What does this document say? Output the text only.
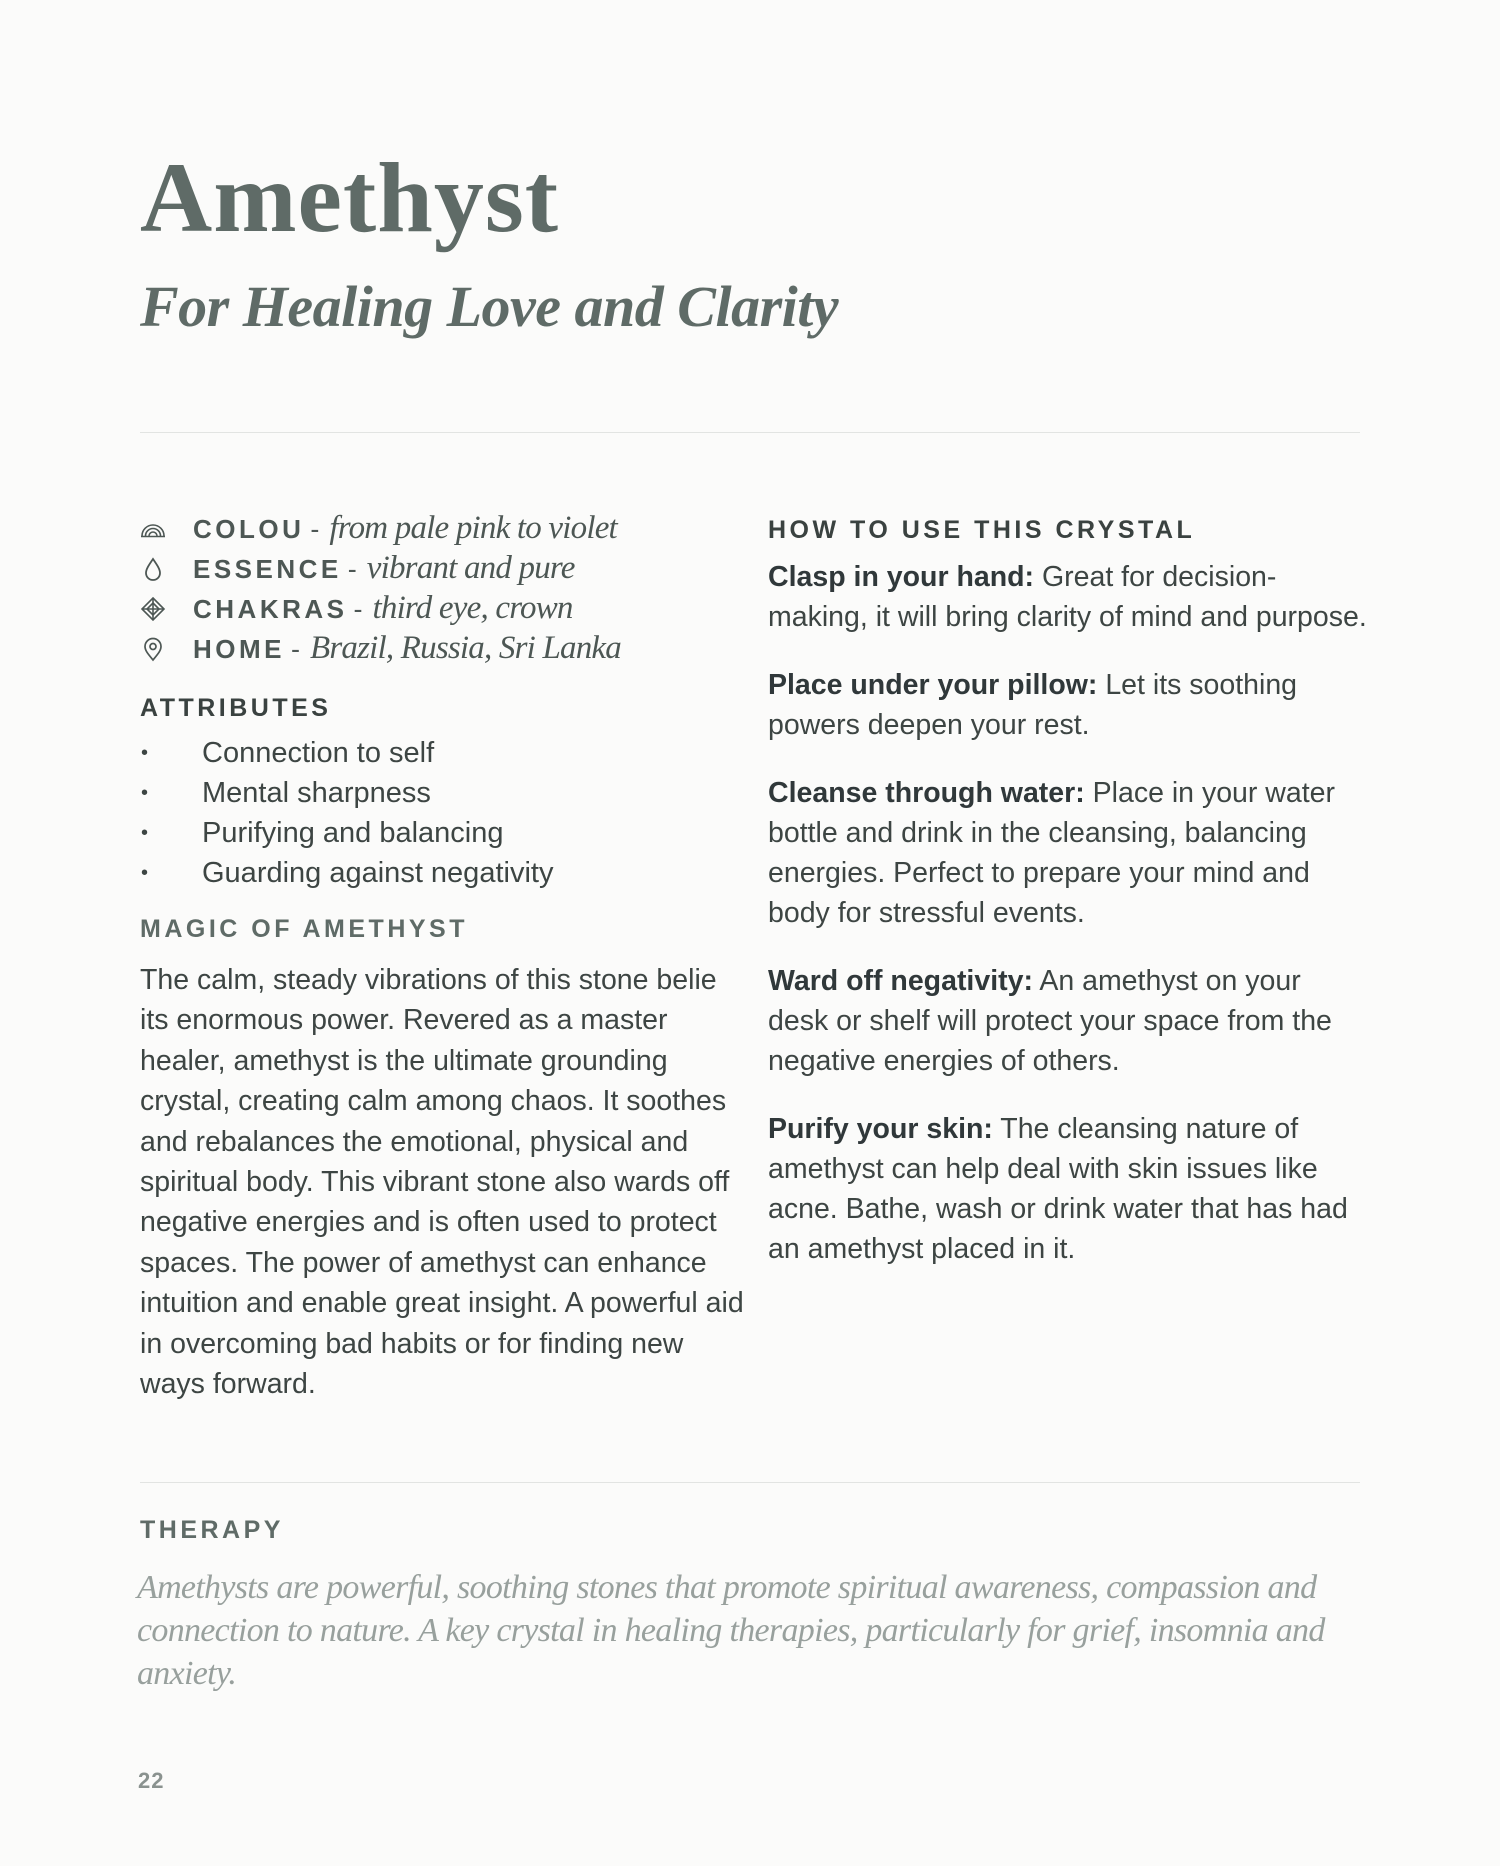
Amethyst
For Healing Love and Clarity
COLOU - from pale pink to violet
ESSENCE - vibrant and pure
CHAKRAS - third eye, crown
HOME - Brazil, Russia, Sri Lanka
ATTRIBUTES
• Connection to self
• Mental sharpness
• Purifying and balancing
• Guarding against negativity
MAGIC OF AMETHYST

The calm, steady vibrations of this stone belie its enormous power. Revered as a master healer, amethyst is the ultimate grounding crystal, creating calm among chaos. It soothes and rebalances the emotional, physical and spiritual body. This vibrant stone also wards off negative energies and is often used to protect spaces. The power of amethyst can enhance intuition and enable great insight. A powerful aid in overcoming bad habits or for finding new ways forward.

HOW TO USE THIS CRYSTAL

Clasp in your hand: Great for decision-making, it will bring clarity of mind and purpose.

Place under your pillow: Let its soothing powers deepen your rest.

Cleanse through water: Place in your water bottle and drink in the cleansing, balancing energies. Perfect to prepare your mind and body for stressful events.

Ward off negativity: An amethyst on your desk or shelf will protect your space from the negative energies of others.

Purify your skin: The cleansing nature of amethyst can help deal with skin issues like acne. Bathe, wash or drink water that has had an amethyst placed in it.

THERAPY

Amethysts are powerful, soothing stones that promote spiritual awareness, compassion and connection to nature. A key crystal in healing therapies, particularly for grief, insomnia and anxiety.

22
